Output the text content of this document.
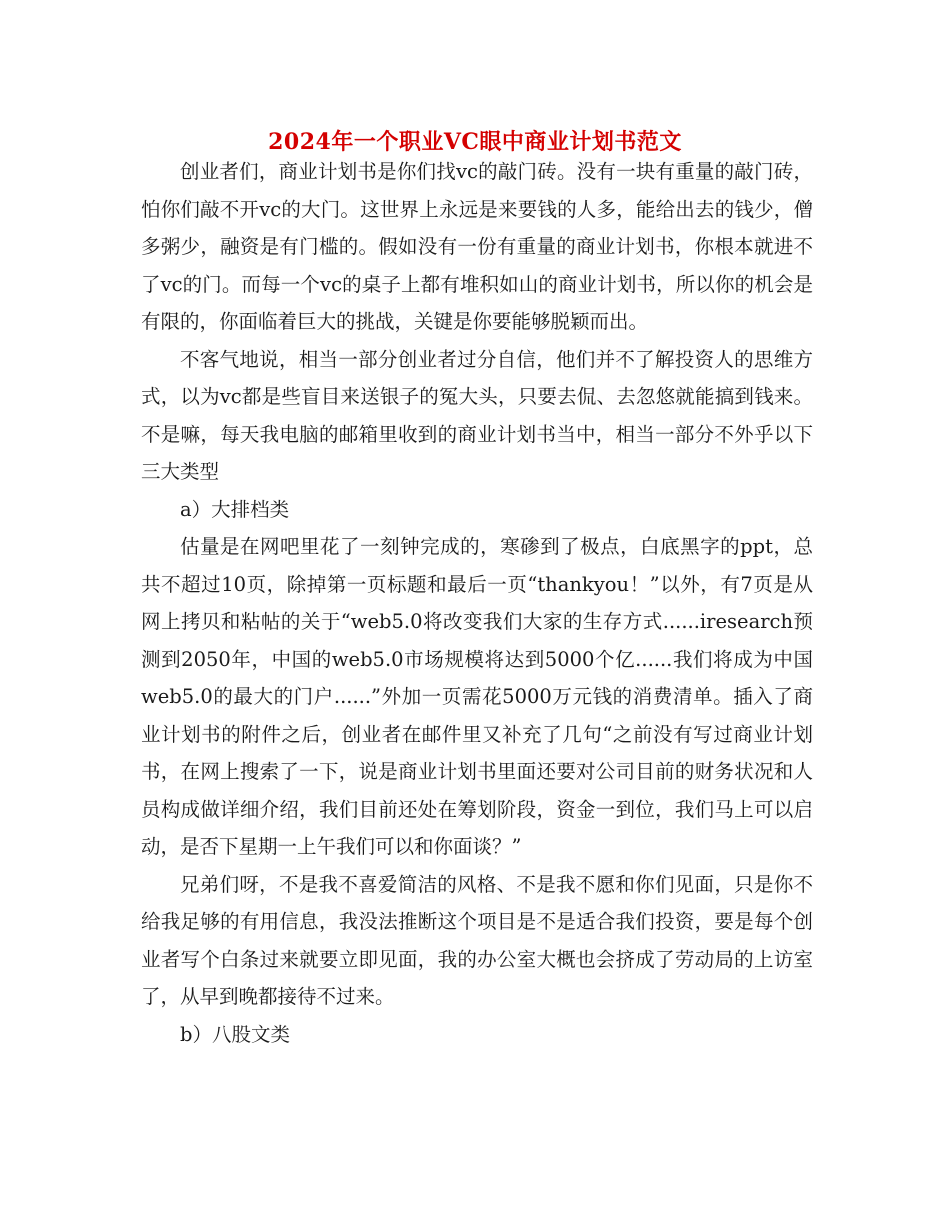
2024年一个职业VC眼中商业计划书范文

创业者们，商业计划书是你们找vc的敲门砖。没有一块有重量的敲门砖，怕你们敲不开vc的大门。这世界上永远是来要钱的人多，能给出去的钱少，僧多粥少，融资是有门槛的。假如没有一份有重量的商业计划书，你根本就进不了vc的门。而每一个vc的桌子上都有堆积如山的商业计划书，所以你的机会是有限的，你面临着巨大的挑战，关键是你要能够脱颖而出。

不客气地说，相当一部分创业者过分自信，他们并不了解投资人的思维方式，以为vc都是些盲目来送银子的冤大头，只要去侃、去忽悠就能搞到钱来。不是嘛，每天我电脑的邮箱里收到的商业计划书当中，相当一部分不外乎以下三大类型

a）大排档类

估量是在网吧里花了一刻钟完成的，寒碜到了极点，白底黑字的ppt，总共不超过10页，除掉第一页标题和最后一页“thankyou！”以外，有7页是从网上拷贝和粘帖的关于“web5.0将改变我们大家的生存方式......iresearch预测到2050年，中国的web5.0市场规模将达到5000个亿......我们将成为中国web5.0的最大的门户......”外加一页需花5000万元钱的消费清单。插入了商业计划书的附件之后，创业者在邮件里又补充了几句“之前没有写过商业计划书，在网上搜索了一下，说是商业计划书里面还要对公司目前的财务状况和人员构成做详细介绍，我们目前还处在筹划阶段，资金一到位，我们马上可以启动，是否下星期一上午我们可以和你面谈？”

兄弟们呀，不是我不喜爱简洁的风格、不是我不愿和你们见面，只是你不给我足够的有用信息，我没法推断这个项目是不是适合我们投资，要是每个创业者写个白条过来就要立即见面，我的办公室大概也会挤成了劳动局的上访室了，从早到晚都接待不过来。

b）八股文类
